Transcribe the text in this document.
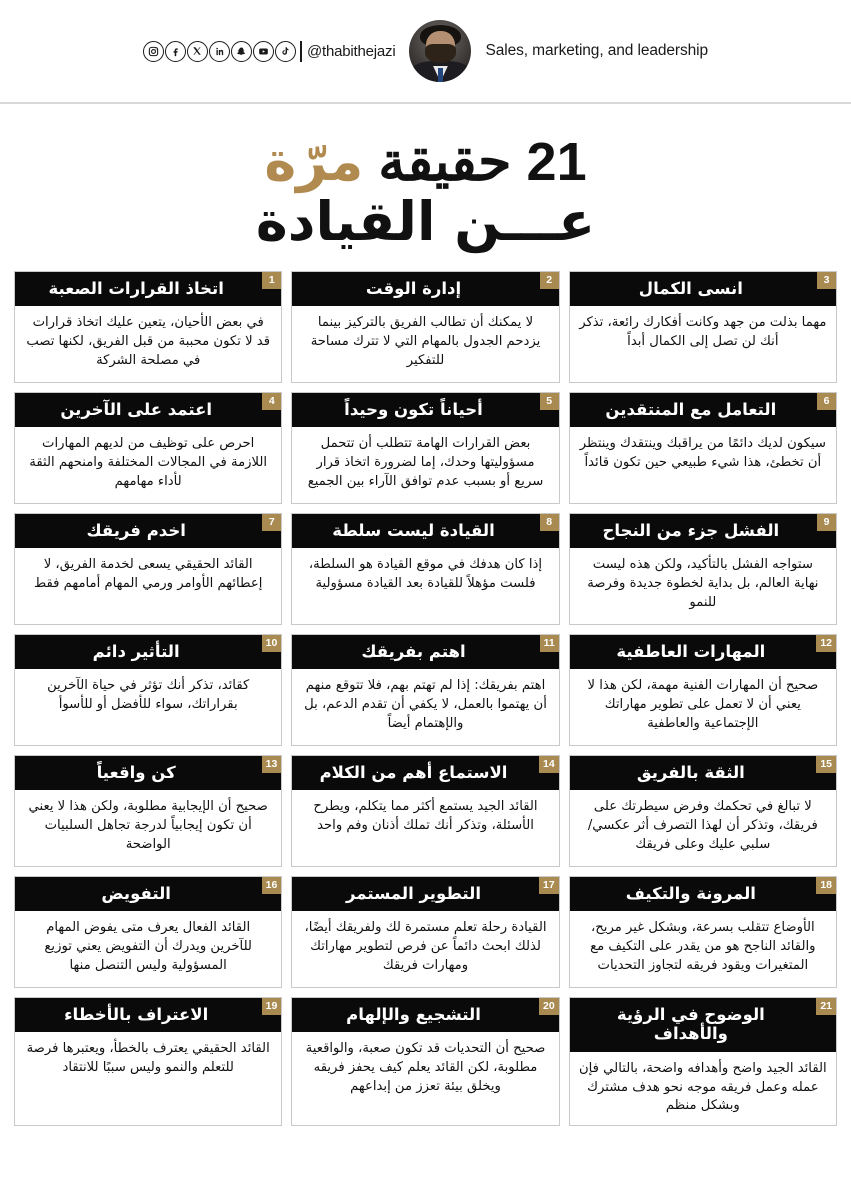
@thabithejazi	Sales, marketing, and leadership
21 حقيقة مرّة
عـــن القيادة
انسى الكمال	3
مهما بذلت من جهد وكانت أفكارك رائعة، تذكر أنك لن تصل إلى الكمال أبداً
إدارة الوقت	2
لا يمكنك أن تطالب الفريق بالتركيز بينما يزدحم الجدول بالمهام التي لا تترك مساحة للتفكير
اتخاذ القرارات الصعبة	1
في بعض الأحيان، يتعين عليك اتخاذ قرارات قد لا تكون محببة من قبل الفريق، لكنها تصب في مصلحة الشركة
التعامل مع المنتقدين	6
سيكون لديك دائمًا من يراقبك وينتقدك وينتظر أن تخطئ، هذا شيء طبيعي حين تكون قائداً
أحياناً تكون وحيداً	5
بعض القرارات الهامة تتطلب أن تتحمل مسؤوليتها وحدك، إما لضرورة اتخاذ قرار سريع أو بسبب عدم توافق الآراء بين الجميع
اعتمد على الآخرين	4
احرص على توظيف من لديهم المهارات اللازمة في المجالات المختلفة وامنحهم الثقة لأداء مهامهم
الفشل جزء من النجاح	9
ستواجه الفشل بالتأكيد، ولكن هذه ليست نهاية العالم، بل بداية لخطوة جديدة وفرصة للنمو
القيادة ليست سلطة	8
إذا كان هدفك في موقع القيادة هو السلطة، فلست مؤهلاً للقيادة بعد القيادة مسؤولية
اخدم فريقك	7
القائد الحقيقي يسعى لخدمة الفريق، لا إعطائهم الأوامر ورمي المهام أمامهم فقط
المهارات العاطفية	12
صحيح أن المهارات الفنية مهمة، لكن هذا لا يعني أن لا تعمل على تطوير مهاراتك الإجتماعية والعاطفية
اهتم بفريقك	11
اهتم بفريقك: إذا لم تهتم بهم، فلا تتوقع منهم أن يهتموا بالعمل، لا يكفي أن تقدم الدعم، بل والإهتمام أيضاً
التأثير دائم	10
كقائد، تذكر أنك تؤثر في حياة الآخرين بقراراتك، سواء للأفضل أو للأسوأ
الثقة بالفريق	15
لا تبالغ في تحكمك وفرض سيطرتك على فريقك، وتذكر أن لهذا التصرف أثر عكسي/سلبي عليك وعلى فريقك
الاستماع أهم من الكلام	14
القائد الجيد يستمع أكثر مما يتكلم، ويطرح الأسئلة، وتذكر أنك تملك أذنان وفم واحد
كن واقعياً	13
صحيح أن الإيجابية مطلوبة، ولكن هذا لا يعني أن تكون إيجابياً لدرجة تجاهل السلبيات الواضحة
المرونة والتكيف	18
الأوضاع تتقلب بسرعة، وبشكل غير مريح، والقائد الناجح هو من يقدر على التكيف مع المتغيرات ويقود فريقه لتجاوز التحديات
التطوير المستمر	17
القيادة رحلة تعلم مستمرة لك ولفريقك أيضًا، لذلك ابحث دائماً عن فرص لتطوير مهاراتك ومهارات فريقك
التفويض	16
القائد الفعال يعرف متى يفوض المهام للآخرين ويدرك أن التفويض يعني توزيع المسؤولية وليس التنصل منها
الوضوح في الرؤية والأهداف
21
القائد الجيد واضح وأهدافه واضحة، بالتالي فإن عمله وعمل فريقه موجه نحو هدف مشترك وبشكل منظم
التشجيع والإلهام	20
صحيح أن التحديات قد تكون صعبة، والواقعية مطلوبة، لكن القائد يعلم كيف يحفز فريقه ويخلق بيئة تعزز من إبداعهم
الاعتراف بالأخطاء	19
القائد الحقيقي يعترف بالخطأ، ويعتبرها فرصة للتعلم والنمو وليس سببًا للانتقاد
